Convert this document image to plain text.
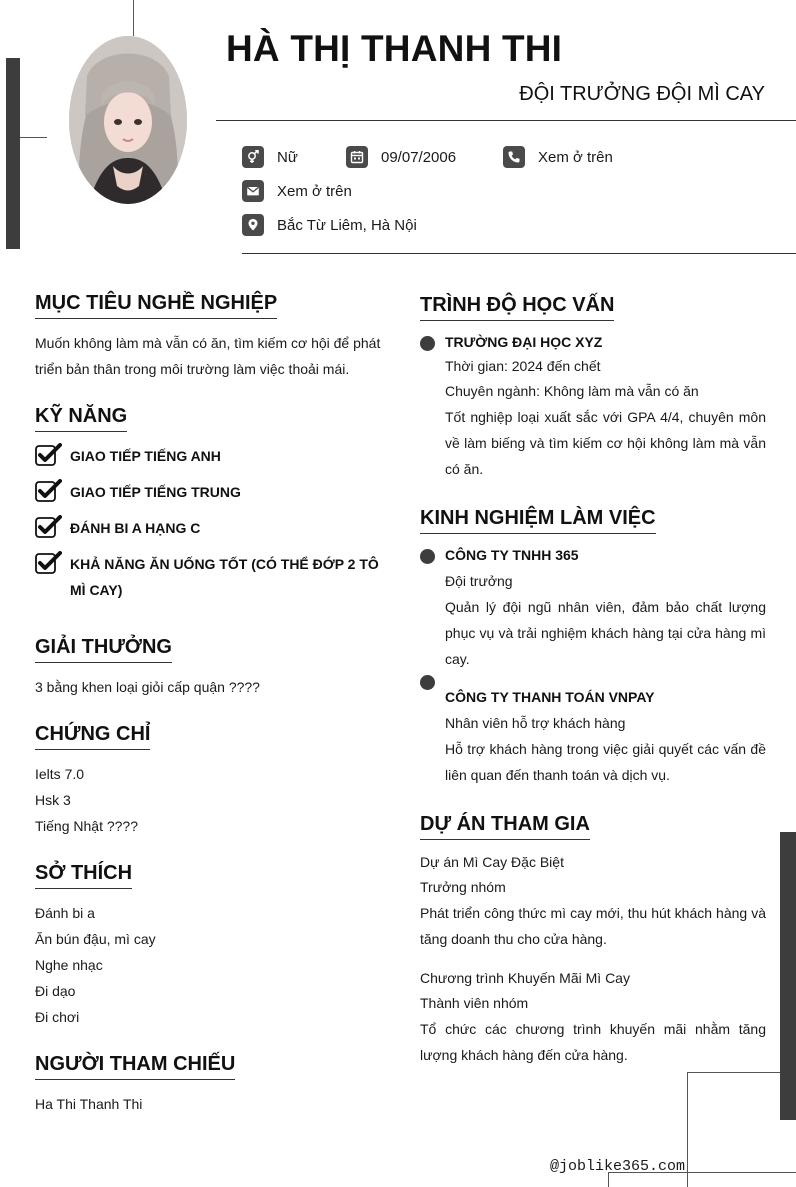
HÀ THỊ THANH THI
ĐỘI TRƯỞNG ĐỘI MÌ CAY
Nữ	09/07/2006	Xem ở trên
Xem ở trên
Bắc Từ Liêm, Hà Nội
MỤC TIÊU NGHỀ NGHIỆP
Muốn không làm mà vẫn có ăn, tìm kiếm cơ hội để phát triển bản thân trong môi trường làm việc thoải mái.
KỸ NĂNG
GIAO TIẾP TIẾNG ANH
GIAO TIẾP TIẾNG TRUNG
ĐÁNH BI A HẠNG C
KHẢ NĂNG ĂN UỐNG TỐT (CÓ THỂ ĐỚP 2 TÔ MÌ CAY)
GIẢI THƯỞNG
3 bằng khen loại giỏi cấp quận ????
CHỨNG CHỈ
Ielts 7.0
Hsk 3
Tiếng Nhật ????
SỞ THÍCH
Đánh bi a
Ăn bún đậu, mì cay
Nghe nhạc
Đi dạo
Đi chơi
NGƯỜI THAM CHIẾU
Ha Thi Thanh Thi
TRÌNH ĐỘ HỌC VẤN
TRƯỜNG ĐẠI HỌC XYZ
Thời gian: 2024 đến chết
Chuyên ngành: Không làm mà vẫn có ăn
Tốt nghiệp loại xuất sắc với GPA 4/4, chuyên môn về làm biếng và tìm kiếm cơ hội không làm mà vẫn có ăn.
KINH NGHIỆM LÀM VIỆC
CÔNG TY TNHH 365
Đội trưởng
Quản lý đội ngũ nhân viên, đảm bảo chất lượng phục vụ và trải nghiệm khách hàng tại cửa hàng mì cay.
CÔNG TY THANH TOÁN VNPAY
Nhân viên hỗ trợ khách hàng
Hỗ trợ khách hàng trong việc giải quyết các vấn đề liên quan đến thanh toán và dịch vụ.
DỰ ÁN THAM GIA
Dự án Mì Cay Đặc Biệt
Trưởng nhóm
Phát triển công thức mì cay mới, thu hút khách hàng và tăng doanh thu cho cửa hàng.
Chương trình Khuyến Mãi Mì Cay
Thành viên nhóm
Tổ chức các chương trình khuyến mãi nhằm tăng lượng khách hàng đến cửa hàng.
@joblike365.com
